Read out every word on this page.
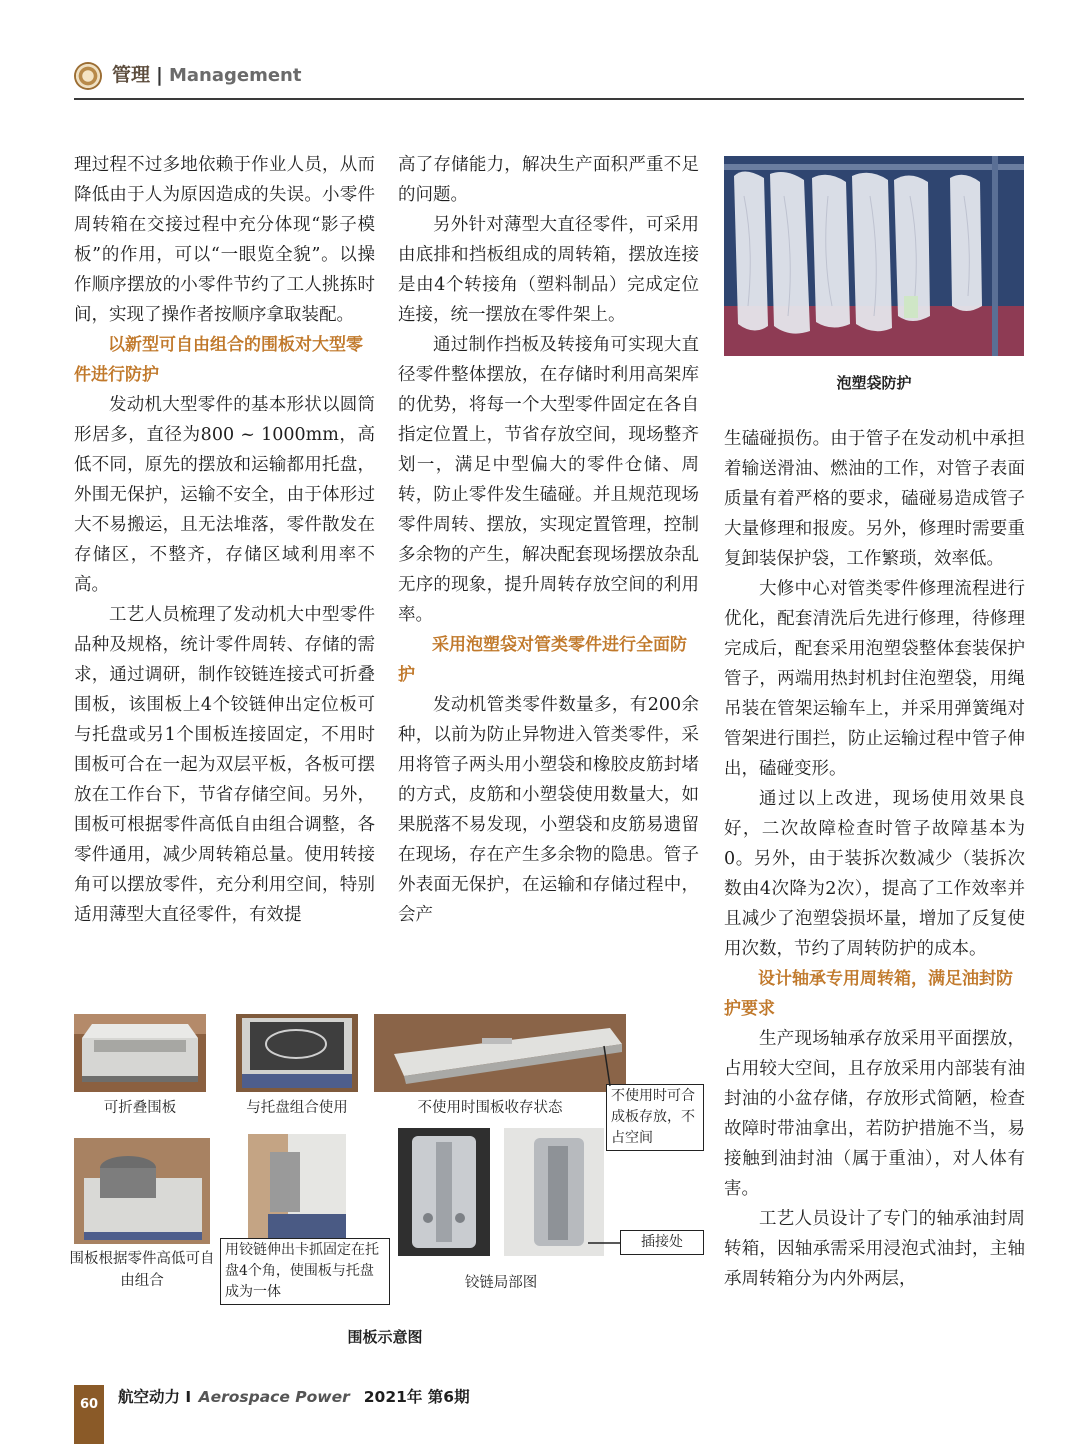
管理 | Management

理过程不过多地依赖于作业人员，从而降低由于人为原因造成的失误。小零件周转箱在交接过程中充分体现“影子模板”的作用，可以“一眼览全貌”。以操作顺序摆放的小零件节约了工人挑拣时间，实现了操作者按顺序拿取装配。

以新型可自由组合的围板对大型零件进行防护

发动机大型零件的基本形状以圆筒形居多，直径为800 ~ 1000mm，高低不同，原先的摆放和运输都用托盘，外围无保护，运输不安全，由于体形过大不易搬运，且无法堆落，零件散发在存储区，不整齐，存储区域利用率不高。

工艺人员梳理了发动机大中型零件品种及规格，统计零件周转、存储的需求，通过调研，制作铰链连接式可折叠围板，该围板上4个铰链伸出定位板可与托盘或另1个围板连接固定，不用时围板可合在一起为双层平板，各板可摆放在工作台下，节省存储空间。另外，围板可根据零件高低自由组合调整，各零件通用，减少周转箱总量。使用转接角可以摆放零件，充分利用空间，特别适用薄型大直径零件，有效提

高了存储能力，解决生产面积严重不足的问题。

另外针对薄型大直径零件，可采用由底排和挡板组成的周转箱，摆放连接是由4个转接角（塑料制品）完成定位连接，统一摆放在零件架上。

通过制作挡板及转接角可实现大直径零件整体摆放，在存储时利用高架库的优势，将每一个大型零件固定在各自指定位置上，节省存放空间，现场整齐划一，满足中型偏大的零件仓储、周转，防止零件发生磕碰。并且规范现场零件周转、摆放，实现定置管理，控制多余物的产生，解决配套现场摆放杂乱无序的现象，提升周转存放空间的利用率。

采用泡塑袋对管类零件进行全面防护

发动机管类零件数量多，有200余种，以前为防止异物进入管类零件，采用将管子两头用小塑袋和橡胶皮筋封堵的方式，皮筋和小塑袋使用数量大，如果脱落不易发现，小塑袋和皮筋易遗留在现场，存在产生多余物的隐患。管子外表面无保护，在运输和存储过程中，会产

泡塑袋防护

生磕碰损伤。由于管子在发动机中承担着输送滑油、燃油的工作，对管子表面质量有着严格的要求，磕碰易造成管子大量修理和报废。另外，修理时需要重复卸装保护袋，工作繁琐，效率低。

大修中心对管类零件修理流程进行优化，配套清洗后先进行修理，待修理完成后，配套采用泡塑袋整体套装保护管子，两端用热封机封住泡塑袋，用绳吊装在管架运输车上，并采用弹簧绳对管架进行围拦，防止运输过程中管子伸出，磕碰变形。

通过以上改进，现场使用效果良好，二次故障检查时管子故障基本为0。另外，由于装拆次数减少（装拆次数由4次降为2次），提高了工作效率并且减少了泡塑袋损坏量，增加了反复使用次数，节约了周转防护的成本。

设计轴承专用周转箱，满足油封防护要求

生产现场轴承存放采用平面摆放，占用较大空间，且存放采用内部装有油封油的小盆存储，存放形式简陋，检查故障时带油拿出，若防护措施不当，易接触到油封油（属于重油），对人体有害。

工艺人员设计了专门的轴承油封周转箱，因轴承需采用浸泡式油封，主轴承周转箱分为内外两层，

可折叠围板	与托盘组合使用	不使用时围板收存状态
不使用时可合成板存放，不占空间
围板根据零件高低可自由组合
用铰链伸出卡抓固定在托盘4个角，使围板与托盘成为一体
插接处
铰链局部图
围板示意图
60	航空动力 I Aerospace Power 2021年 第6期
